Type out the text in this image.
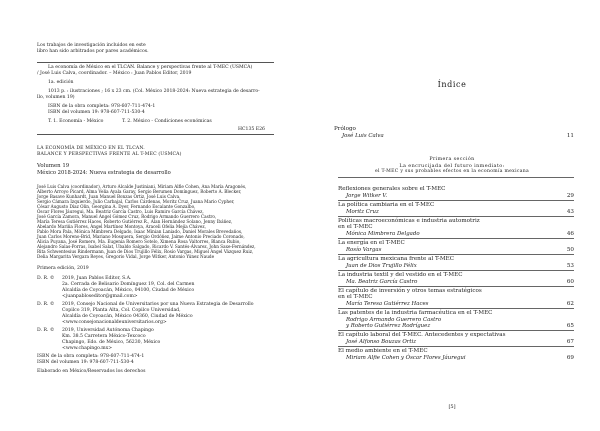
Los trabajos de investigación incluidos en este
libro han sido arbitrados por pares académicos.
La economía de México en el TLCAN. Balance y perspectivas frente al T-MEC (USMCA)
/ José Luis Calva, coordinador. – México : Juan Pablos Editor, 2019
1a. edición
1013 p. : ilustraciones ; 16 x 23 cm. (Col. México 2018-2024: Nueva estrategia de desarro-
llo, volumen 19)
ISBN de la obra completa: 978-607-711-474-1
ISBN del volumen 19: 978-607-711-530-4
T. 1. Economía - México	T. 2. México - Condiciones económicas
HC135 E26
LA ECONOMÍA DE MÉXICO EN EL TLCAN.
BALANCE Y PERSPECTIVAS FRENTE AL T-MEC (USMCA)
Volumen 19
México 2018-2024: Nueva estrategia de desarrollo
José Luis Calva (coordinador), Arturo Alcalde Justiniani, Miriam Alfie Cohen, Ana María Aragonés,
Alberto Arroyo Picard, Alma Velia Ayala Garay, Sergio Berumen Domínguez, Roberto A. Blecker,
Jorge Basave Kunhardt, Juan Manuel Bonzas Ortiz, José Luis Calva,
Sergio Cámara Izquierdo, Julio Carbajal, Carlos Cárdenas, Moritz Cruz, Juana Mario Cypher,
César Augusto Díaz Olin, Georgina A. Dyer, Fernando Escalante Gonzalbo,
Óscar Flores Jáuregui, Ma. Beatriz García Castro, Luis Ramiro García Chávez,
José García Zamora, Manuel Ángel Gómez Cruz, Rodrigo Armando Guerrero Castro,
María Teresa Gutiérrez Haces, Roberto Gutiérrez R., Alan Hernández Solano, Jenny Ibáñez,
Abelardo Mariña Flores, Ángel Martínez Montoya, Araceli Ofelia Mejía Chávez,
Pablo Mora Pala, Mónica Mimbrera Delgado, Isaac Minian Laniado, Daniel Morales Brevedaños,
Juan Carlos Moreno-Brid, Mariano Mosquera, Sergio Ordóñez, Jaime Antonio Preciado Coronado,
Alicia Puyana, José Romero, Ma. Eugenia Romero Sotelo, Ximena Rosa Valtorres, Blanca Rubio,
Alejandro Salas-Porras, Isabel Salat, Ubaldo Salgado, Ricardo V. Santés-Álvarez, John Saxe-Fernández,
Rita Schwentesius Rindermann, Juan de Dios Trujillo Félix, Rosío Vargas, Miguel Ángel Vázquez Ruiz,
Delia Margarita Vergara Reyes, Gregorio Vidal, Jorge Witker, Antonio Yúnez Naude
Primera edición, 2019
D. R. © 2019, Juan Pablos Editor, S.A.
2a. Cerrada de Belisario Domínguez 19, Col. del Carmen
Alcaldía de Coyoacán, México, 04100, Ciudad de México
<juanpabloseditor@gmail.com>
D. R. © 2019, Consejo Nacional de Universitarios por una Nueva Estrategia de Desarrollo
Copilco 319, Planta Alta, Col. Copilco Universidad,
Alcaldía de Coyoacán, México 04360, Ciudad de México
<www.consejonacionaldeuniversitarios.org>
D. R. © 2019, Universidad Autónoma Chapingo
Km. 38.5 Carretera México-Texcoco
Chapingo, Edo. de México, 56230, México
<www.chapingo.mx>
ISBN de la obra completa: 978-607-711-474-1
ISBN del volumen 19: 978-607-711-530-4
Elaborado en México/Reservados los derechos
Índice
Prólogo
José Luis Calva	11
Primera sección
La encrucijada del futuro inmediato:
el T-MEC y sus probables efectos en la economía mexicana
Reflexiones generales sobre el T-MEC
Jorge Witker V.	29
La política cambiaria en el T-MEC
Moritz Cruz	43
Políticas macroeconómicas e industria automotriz
en el T-MEC
Mónica Mimbrera Delgado	46
La energía en el T-MEC
Rosío Vargas	50
La agricultura mexicana frente al T-MEC
Juan de Dios Trujillo Félix	53
La industria textil y del vestido en el T-MEC
Ma. Beatriz García Castro	60
El capítulo de inversión y otros temas estratégicos
en el T-MEC
María Teresa Gutiérrez Haces	62
Las patentes de la industria farmacéutica en el T-MEC
Rodrigo Armando Guerrero Castro
y Roberto Gutiérrez Rodríguez	65
El capítulo laboral del T-MEC. Antecedentes y expectativas
José Alfonso Bouzas Ortiz	67
El medio ambiente en el T-MEC
Miriam Alfie Cohen y Óscar Flores Jáuregui	69
[5]
